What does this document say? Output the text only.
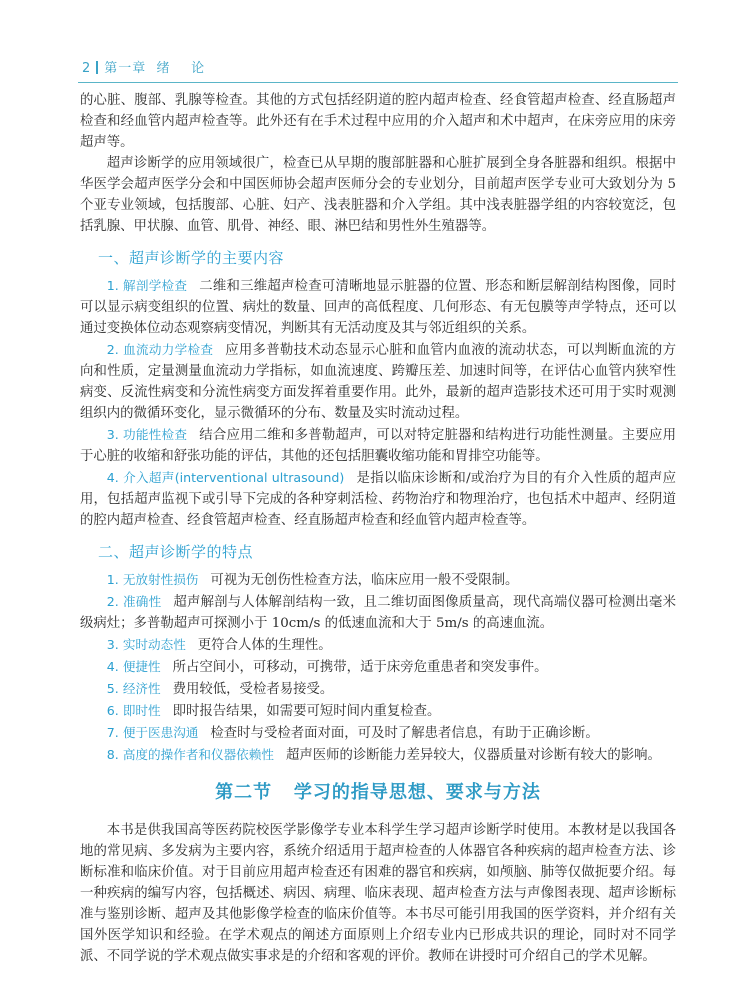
2 第一章  绪    论

的心脏、腹部、乳腺等检查。其他的方式包括经阴道的腔内超声检查、经食管超声检查、经直肠超声检查和经血管内超声检查等。此外还有在手术过程中应用的介入超声和术中超声，在床旁应用的床旁超声等。

超声诊断学的应用领域很广，检查已从早期的腹部脏器和心脏扩展到全身各脏器和组织。根据中华医学会超声医学分会和中国医师协会超声医师分会的专业划分，目前超声医学专业可大致划分为 5 个亚专业领域，包括腹部、心脏、妇产、浅表脏器和介入学组。其中浅表脏器学组的内容较宽泛，包括乳腺、甲状腺、血管、肌骨、神经、眼、淋巴结和男性外生殖器等。

一、超声诊断学的主要内容

1. 解剖学检查 二维和三维超声检查可清晰地显示脏器的位置、形态和断层解剖结构图像，同时可以显示病变组织的位置、病灶的数量、回声的高低程度、几何形态、有无包膜等声学特点，还可以通过变换体位动态观察病变情况，判断其有无活动度及其与邻近组织的关系。

2. 血流动力学检查 应用多普勒技术动态显示心脏和血管内血液的流动状态，可以判断血流的方向和性质，定量测量血流动力学指标，如血流速度、跨瓣压差、加速时间等，在评估心血管内狭窄性病变、反流性病变和分流性病变方面发挥着重要作用。此外，最新的超声造影技术还可用于实时观测组织内的微循环变化，显示微循环的分布、数量及实时流动过程。

3. 功能性检查 结合应用二维和多普勒超声，可以对特定脏器和结构进行功能性测量。主要应用于心脏的收缩和舒张功能的评估，其他的还包括胆囊收缩功能和胃排空功能等。

4. 介入超声(interventional ultrasound) 是指以临床诊断和/或治疗为目的有介入性质的超声应用，包括超声监视下或引导下完成的各种穿刺活检、药物治疗和物理治疗，也包括术中超声、经阴道的腔内超声检查、经食管超声检查、经直肠超声检查和经血管内超声检查等。

二、超声诊断学的特点

1. 无放射性损伤 可视为无创伤性检查方法，临床应用一般不受限制。

2. 准确性 超声解剖与人体解剖结构一致，且二维切面图像质量高，现代高端仪器可检测出毫米级病灶；多普勒超声可探测小于 10cm/s 的低速血流和大于 5m/s 的高速血流。

3. 实时动态性 更符合人体的生理性。

4. 便捷性 所占空间小，可移动，可携带，适于床旁危重患者和突发事件。

5. 经济性 费用较低，受检者易接受。

6. 即时性 即时报告结果，如需要可短时间内重复检查。

7. 便于医患沟通 检查时与受检者面对面，可及时了解患者信息，有助于正确诊断。

8. 高度的操作者和仪器依赖性 超声医师的诊断能力差异较大，仪器质量对诊断有较大的影响。

第二节   学习的指导思想、要求与方法

本书是供我国高等医药院校医学影像学专业本科学生学习超声诊断学时使用。本教材是以我国各地的常见病、多发病为主要内容，系统介绍适用于超声检查的人体器官各种疾病的超声检查方法、诊断标准和临床价值。对于目前应用超声检查还有困难的器官和疾病，如颅脑、肺等仅做扼要介绍。每一种疾病的编写内容，包括概述、病因、病理、临床表现、超声检查方法与声像图表现、超声诊断标准与鉴别诊断、超声及其他影像学检查的临床价值等。本书尽可能引用我国的医学资料，并介绍有关国外医学知识和经验。在学术观点的阐述方面原则上介绍专业内已形成共识的理论，同时对不同学派、不同学说的学术观点做实事求是的介绍和客观的评价。教师在讲授时可介绍自己的学术见解。
